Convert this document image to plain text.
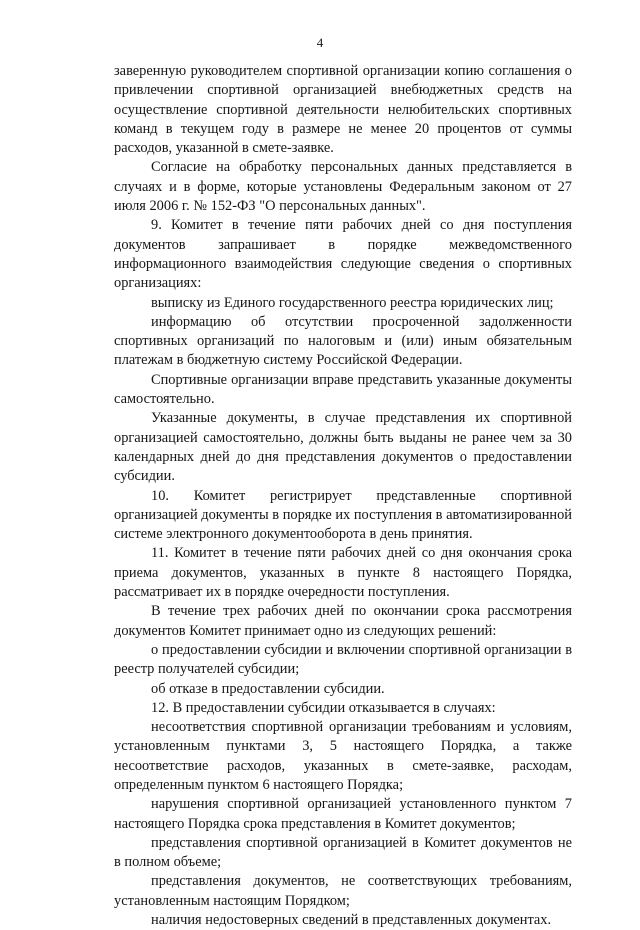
4

заверенную руководителем спортивной организации копию соглашения о привлечении спортивной организацией внебюджетных средств на осуществление спортивной деятельности нелюбительских спортивных команд в текущем году в размере не менее 20 процентов от суммы расходов, указанной в смете-заявке.

Согласие на обработку персональных данных представляется в случаях и в форме, которые установлены Федеральным законом от 27 июля 2006 г. № 152-ФЗ "О персональных данных".

9. Комитет в течение пяти рабочих дней со дня поступления документов запрашивает в порядке межведомственного информационного взаимодействия следующие сведения о спортивных организациях:

выписку из Единого государственного реестра юридических лиц;

информацию об отсутствии просроченной задолженности спортивных организаций по налоговым и (или) иным обязательным платежам в бюджетную систему Российской Федерации.

Спортивные организации вправе представить указанные документы самостоятельно.

Указанные документы, в случае представления их спортивной организацией самостоятельно, должны быть выданы не ранее чем за 30 календарных дней до дня представления документов о предоставлении субсидии.

10. Комитет регистрирует представленные спортивной организацией документы в порядке их поступления в автоматизированной системе электронного документооборота в день принятия.

11. Комитет в течение пяти рабочих дней со дня окончания срока приема документов, указанных в пункте 8 настоящего Порядка, рассматривает их в порядке очередности поступления.

В течение трех рабочих дней по окончании срока рассмотрения документов Комитет принимает одно из следующих решений:

о предоставлении субсидии и включении спортивной организации в реестр получателей субсидии;

об отказе в предоставлении субсидии.

12. В предоставлении субсидии отказывается в случаях:

несоответствия спортивной организации требованиям и условиям, установленным пунктами 3, 5 настоящего Порядка, а также несоответствие расходов, указанных в смете-заявке, расходам, определенным пунктом 6 настоящего Порядка;

нарушения спортивной организацией установленного пунктом 7 настоящего Порядка срока представления в Комитет документов;

представления спортивной организацией в Комитет документов не в полном объеме;

представления документов, не соответствующих требованиям, установленным настоящим Порядком;

наличия недостоверных сведений в представленных документах.
